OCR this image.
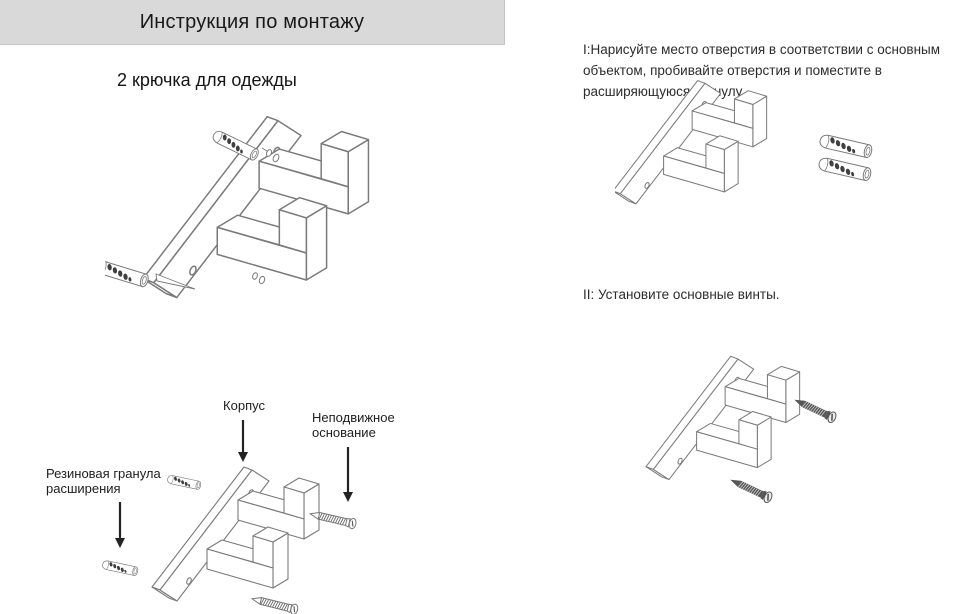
Инструкция по монтажу
2 крючка для одежды
Корпус
Неподвижное основание
Резиновая гранула расширения
I:Нарисуйте место отверстия в соответствии с основным объектом, пробивайте отверстия и поместите в расширяющуюся гранулу.
II: Установите основные винты.
